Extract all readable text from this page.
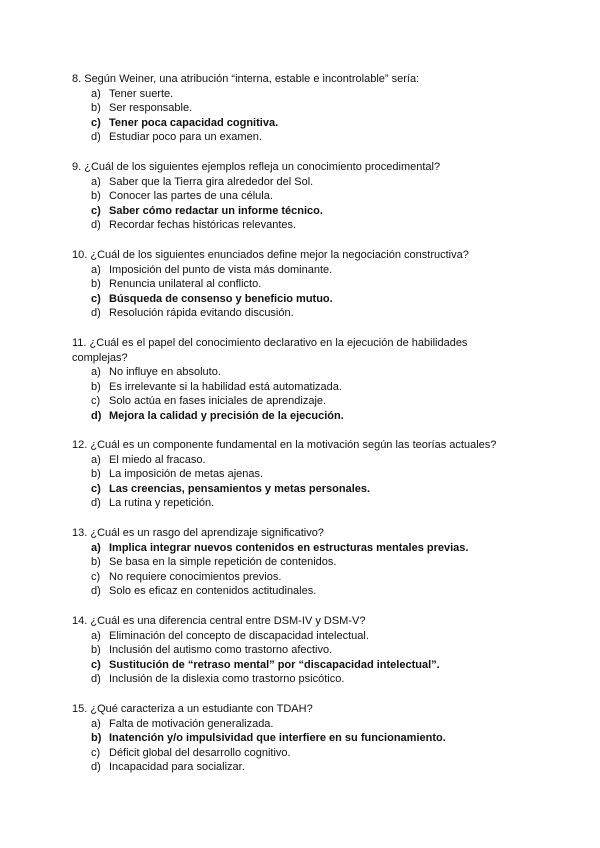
8. Según Weiner, una atribución “interna, estable e incontrolable” sería:

a) Tener suerte.
b) Ser responsable.
c) Tener poca capacidad cognitiva.
d) Estudiar poco para un examen.

9. ¿Cuál de los siguientes ejemplos refleja un conocimiento procedimental?

a) Saber que la Tierra gira alrededor del Sol.
b) Conocer las partes de una célula.
c) Saber cómo redactar un informe técnico.
d) Recordar fechas históricas relevantes.

10. ¿Cuál de los siguientes enunciados define mejor la negociación constructiva?

a) Imposición del punto de vista más dominante.
b) Renuncia unilateral al conflicto.
c) Búsqueda de consenso y beneficio mutuo.
d) Resolución rápida evitando discusión.

11. ¿Cuál es el papel del conocimiento declarativo en la ejecución de habilidades complejas?

a) No influye en absoluto.
b) Es irrelevante si la habilidad está automatizada.
c) Solo actúa en fases iniciales de aprendizaje.
d) Mejora la calidad y precisión de la ejecución.

12. ¿Cuál es un componente fundamental en la motivación según las teorías actuales?

a) El miedo al fracaso.
b) La imposición de metas ajenas.
c) Las creencias, pensamientos y metas personales.
d) La rutina y repetición.

13. ¿Cuál es un rasgo del aprendizaje significativo?

a) Implica integrar nuevos contenidos en estructuras mentales previas.
b) Se basa en la simple repetición de contenidos.
c) No requiere conocimientos previos.
d) Solo es eficaz en contenidos actitudinales.

14. ¿Cuál es una diferencia central entre DSM-IV y DSM-V?

a) Eliminación del concepto de discapacidad intelectual.
b) Inclusión del autismo como trastorno afectivo.
c) Sustitución de “retraso mental” por “discapacidad intelectual”.
d) Inclusión de la dislexia como trastorno psicótico.

15. ¿Qué caracteriza a un estudiante con TDAH?

a) Falta de motivación generalizada.
b) Inatención y/o impulsividad que interfiere en su funcionamiento.
c) Déficit global del desarrollo cognitivo.
d) Incapacidad para socializar.
